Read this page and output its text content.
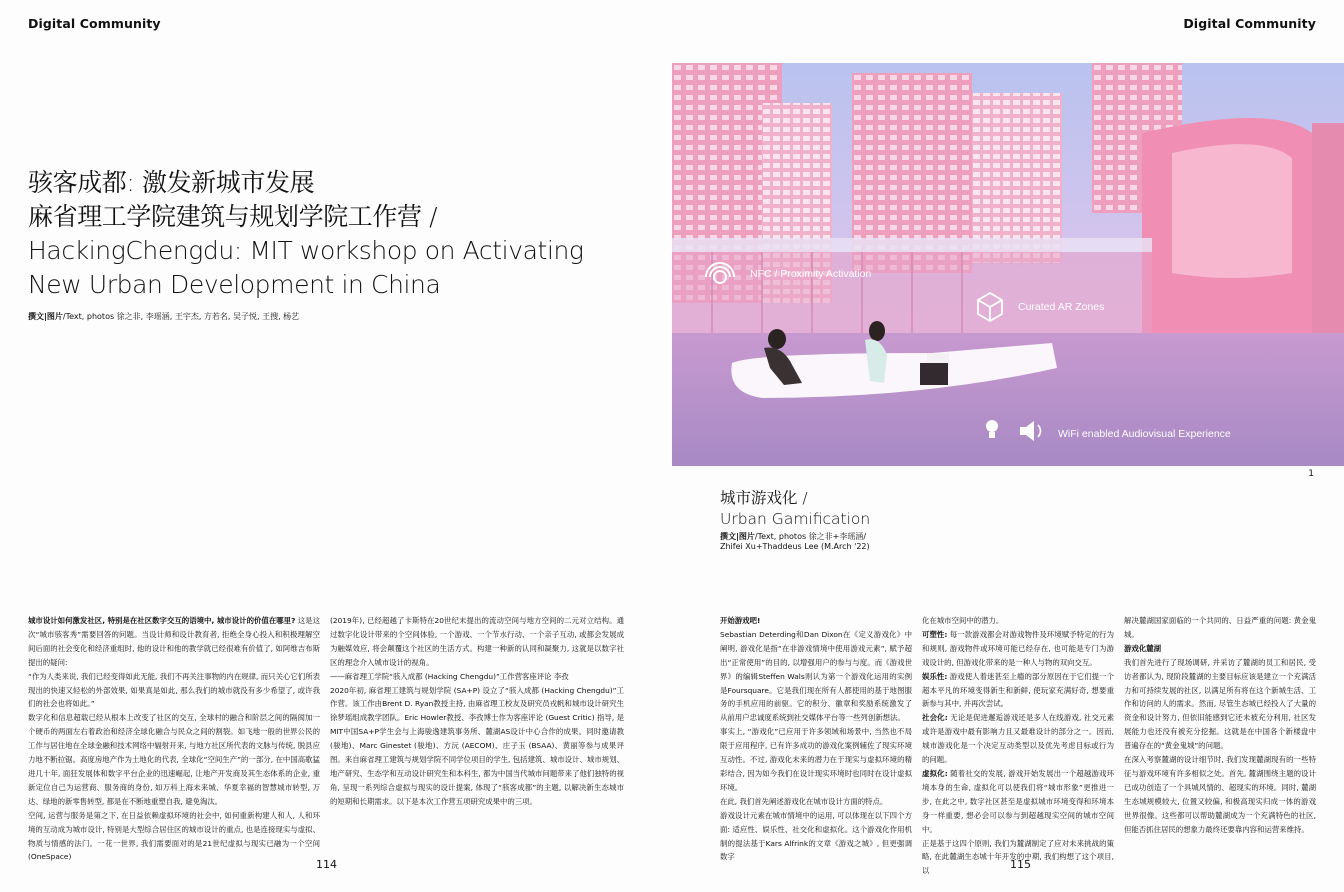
Digital Community	Digital Community
骇客成都: 激发新城市发展
麻省理工学院建筑与规划学院工作营 /
HackingChengdu: MIT workshop on Activating
New Urban Development in China
撰文|图片/Text, photos 徐之非, 李瑶涵, 王宇杰, 方若名, 吴子悦, 王搜, 杨艺
NFC / Proximity Activation
Curated AR Zones
WiFi enabled Audiovisual Experience
1
城市游戏化 /
Urban Gamification
撰文|图片/Text, photos 徐之非+李瑶涵/
Zhifei Xu+Thaddeus Lee (M.Arch '22)

城市设计如何激发社区, 特别是在社区数字交互的语境中, 城市设计的价值在哪里? 这是这次“城市骇客秀”需要回答的问题。当设计师和设计教育者, 拒绝全身心投入和积极理解空间后面的社会变化和经济重组时, 他的设计和他的教学就已经很难有价值了, 如阿维吉布斯提出的疑问:

“作为人类来说, 我们已经变得如此无能, 我们不再关注事物的内在规律, 而只关心它们所表现出的快速又轻松的外部效果, 如果真是如此, 那么我们的城市就没有多少希望了, 或许我们的社会也将如此。”

数字化和信息超载已经从根本上改变了社区的交互, 全球村的融合和阶层之间的隔阂加一个硬币的两面左右着政治和经济全球化融合与民众之间的割裂。如飞地一般的世界公民的工作与居住地在全球金融和技术网络中辐射开来, 与地方社区所代表的文脉与传统, 脱县应力地不断拉锯。高度房地产作为土地化的代表, 全球化“空间生产”的一部分, 在中国高歌猛进几十年, 面狂发展体和数字平台企业的迅速崛起, 让地产开发商及其生态体系的企业, 重新定位自己为运营商、服务商的身份, 如万科上海未来城、华夏幸福的智慧城市转型, 万达、绿地的新零售转型, 都是在不断地重塑自我, 避免淘汰。

空间, 运营与服务是第之下, 在日益依赖虚拟环境的社会中, 如何重新构建人和人, 人和环境的互动成为城市设计, 特别是大型综合居住区的城市设计的重点, 也是连接现实与虚拟、物质与情感的法门。一花一世界, 我们需要面对的是21世纪虚拟与现实已融为一个空间 (OneSpace)

(2019年), 已经超越了卡斯特在20世纪末提出的流动空间与地方空间的二元对立结构。通过数字化设计带来的个空间体验, 一个游戏、一个节水行动、一个亲子互动, 或都会发展成为触媒效应, 将会颠覆这个社区的生活方式。构建一种新的认同和凝聚力, 这就是以数字社区的理念介入城市设计的视角。

——麻省理工学院“骇入成都 (Hacking Chengdu)”工作营客座评论 李孜

2020年初, 麻省理工建筑与规划学院 (SA+P) 设立了“骇入成都 (Hacking Chengdu)”工作营。该工作由Brent D. Ryan教授主持, 由麻省理工校友及研究员戎帆和城市设计研究生徐梦瑶组成教学团队。Eric Howler教授、李孜博士作为客座评论 (Guest Critic) 指导, 是MIT中国SA+P学生会与上海骏逸建筑事务所、麓湖AS设计中心合作的成果。同时邀请教 (骏地)、Marc Ginestet (骏地)、方沅 (AECOM)、庄子玉 (BSAA)、黄丽等参与成果评图。来自麻省理工建筑与规划学院不同学位项目的学生, 包括建筑、城市设计、城市规划、地产研究、生态学和互动设计研究生和本科生, 都为中国当代城市问题带来了他们独特的视角, 呈现一系列综合虚拟与现实的设计提案, 体现了“骇客成都”的主题, 以解决新生态城市的短期和长期需求。以下是本次工作营五项研究成果中的三项。

开始游戏吧!

Sebastian Deterding和Dan Dixon在《定义游戏化》中阐明, 游戏化是指“在非游戏情境中使用游戏元素”, 赋予超出“正常使用”的目的, 以增强用户的参与与度。而《游戏世界》的编辑Steffen Wals则认为第一个游戏化运用的实例是Foursquare。它是我们现在所有人都使用的基于地图服务的手机应用的前驱。它的积分、徽章和奖励系统激发了从前用户忠诚度系统到社交媒体平台等一些列创新想法。

事实上, “游戏化”已应用于许多领域和场景中, 当然也不局限于应用程序, 已有许多成功的游戏化案例辅佐了现实环境互动性。不过, 游戏化未来的潜力在于现实与虚拟环境的精彩结合, 因为如今我们在设计现实环境时也同时在设计虚拟环境。

在此, 我们首先阐述游戏化在城市设计方面的特点。

游戏设计元素在城市情境中的运用, 可以体现在以下四个方面: 适应性、娱乐性、社交化和虚拟化。这个游戏化作用机制的提法基于Kars Alfrink的文章《游戏之城》, 但更强调数字

化在城市空间中的潜力。

可塑性: 每一款游戏都会对游戏物件及环境赋予特定的行为和规则, 游戏物件或环境可能已经存在, 也可能是专门为游戏设计的, 但游戏化带来的是一种人与物的双向交互。

娱乐性: 游戏使人着迷甚至上瘾的部分原因在于它们提一个超本平凡的环境变得新生和新鲜, 使玩家充满好奇, 想要重新参与其中, 并再次尝试。

社会化: 无论是促进邂逅游戏还是多人在线游戏, 社交元素或许是游戏中最有影响力且又最难设计的部分之一。因而, 城市游戏化是一个决定互动类型以及优先考虑目标或行为的问题。

虚拟化: 随着社交的发展, 游戏开始发展出一个超越游戏环境本身的生命, 虚拟化可以使我们将“城市形象”更推进一步, 在此之中, 数字社区甚至是虚拟城市环境变得和环境本身一样重要, 想必会可以参与到超越现实空间的城市空间中。

正是基于这四个原则, 我们为麓湖制定了应对未来挑战的策略, 在此麓湖生态城十年开发的中期, 我们构想了这个项目, 以

解决麓湖国家面临的一个共同的、日益严重的问题: 黄金鬼城。

游戏化麓湖

我们首先进行了现场调研, 并采访了麓湖的员工和居民, 受访者都认为, 现阶段麓湖的主要目标应该是建立一个充满活力和可持续发展的社区, 以满足所有将在这个新城生活、工作和访问的人的需求。然而, 尽管生态城已经投入了大量的资金和设计努力, 但依旧能感到它还未被充分利用, 社区发展能力也还没有被充分挖掘。这就是在中国各个新楼盘中普遍存在的“黄金鬼城”的问题。

在深入考察麓湖的设计细节时, 我们发现麓湖现有的一些特征与游戏环境有许多相似之处。首先, 麓湖围绕主题的设计已成功创造了一个具城风情的、超现实的环境。同时, 麓湖生态城规模较大, 位置又较偏, 和极高现实归成一体的游戏世界很像。这些都可以帮助麓湖成为一个充满特色的社区, 但能否抓住居民的想象力最终还要靠内容和运营来维持。

114	115
